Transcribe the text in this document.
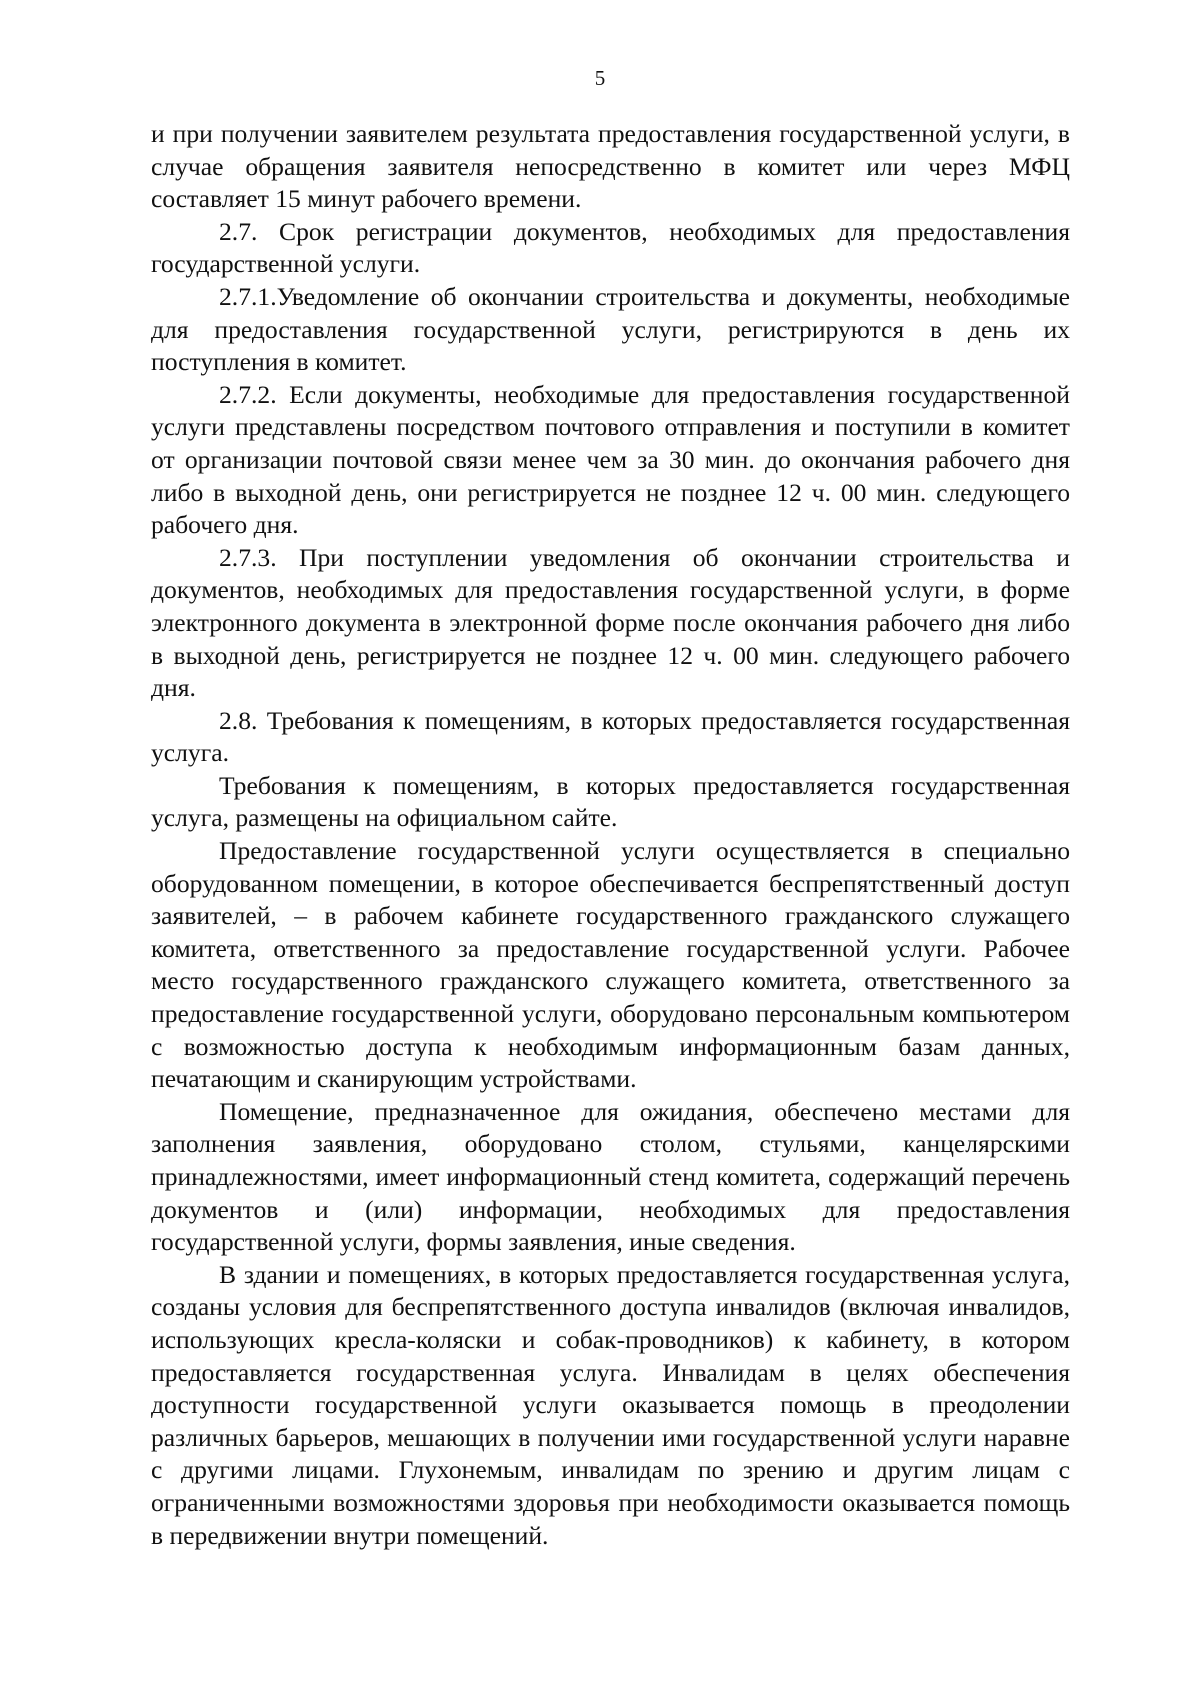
5

и при получении заявителем результата предоставления государственной услуги, в случае обращения заявителя непосредственно в комитет или через МФЦ составляет 15 минут рабочего времени.

2.7. Срок регистрации документов, необходимых для предоставления государственной услуги.

2.7.1.Уведомление об окончании строительства и документы, необходимые для предоставления государственной услуги, регистрируются в день их поступления в комитет.

2.7.2. Если документы, необходимые для предоставления государственной услуги представлены посредством почтового отправления и поступили в комитет от организации почтовой связи менее чем за 30 мин. до окончания рабочего дня либо в выходной день, они регистрируется не позднее 12 ч. 00 мин. следующего рабочего дня.

2.7.3. При поступлении уведомления об окончании строительства и документов, необходимых для предоставления государственной услуги, в форме электронного документа в электронной форме после окончания рабочего дня либо в выходной день, регистрируется не позднее 12 ч. 00 мин. следующего рабочего дня.

2.8. Требования к помещениям, в которых предоставляется государственная услуга.

Требования к помещениям, в которых предоставляется государственная услуга, размещены на официальном сайте.

Предоставление государственной услуги осуществляется в специально оборудованном помещении, в которое обеспечивается беспрепятственный доступ заявителей, – в рабочем кабинете государственного гражданского служащего комитета, ответственного за предоставление государственной услуги. Рабочее место государственного гражданского служащего комитета, ответственного за предоставление государственной услуги, оборудовано персональным компьютером с возможностью доступа к необходимым информационным базам данных, печатающим и сканирующим устройствами.

Помещение, предназначенное для ожидания, обеспечено местами для заполнения заявления, оборудовано столом, стульями, канцелярскими принадлежностями, имеет информационный стенд комитета, содержащий перечень документов и (или) информации, необходимых для предоставления государственной услуги, формы заявления, иные сведения.

В здании и помещениях, в которых предоставляется государственная услуга, созданы условия для беспрепятственного доступа инвалидов (включая инвалидов, использующих кресла-коляски и собак-проводников) к кабинету, в котором предоставляется государственная услуга. Инвалидам в целях обеспечения доступности государственной услуги оказывается помощь в преодолении различных барьеров, мешающих в получении ими государственной услуги наравне с другими лицами. Глухонемым, инвалидам по зрению и другим лицам с ограниченными возможностями здоровья при необходимости оказывается помощь в передвижении внутри помещений.
